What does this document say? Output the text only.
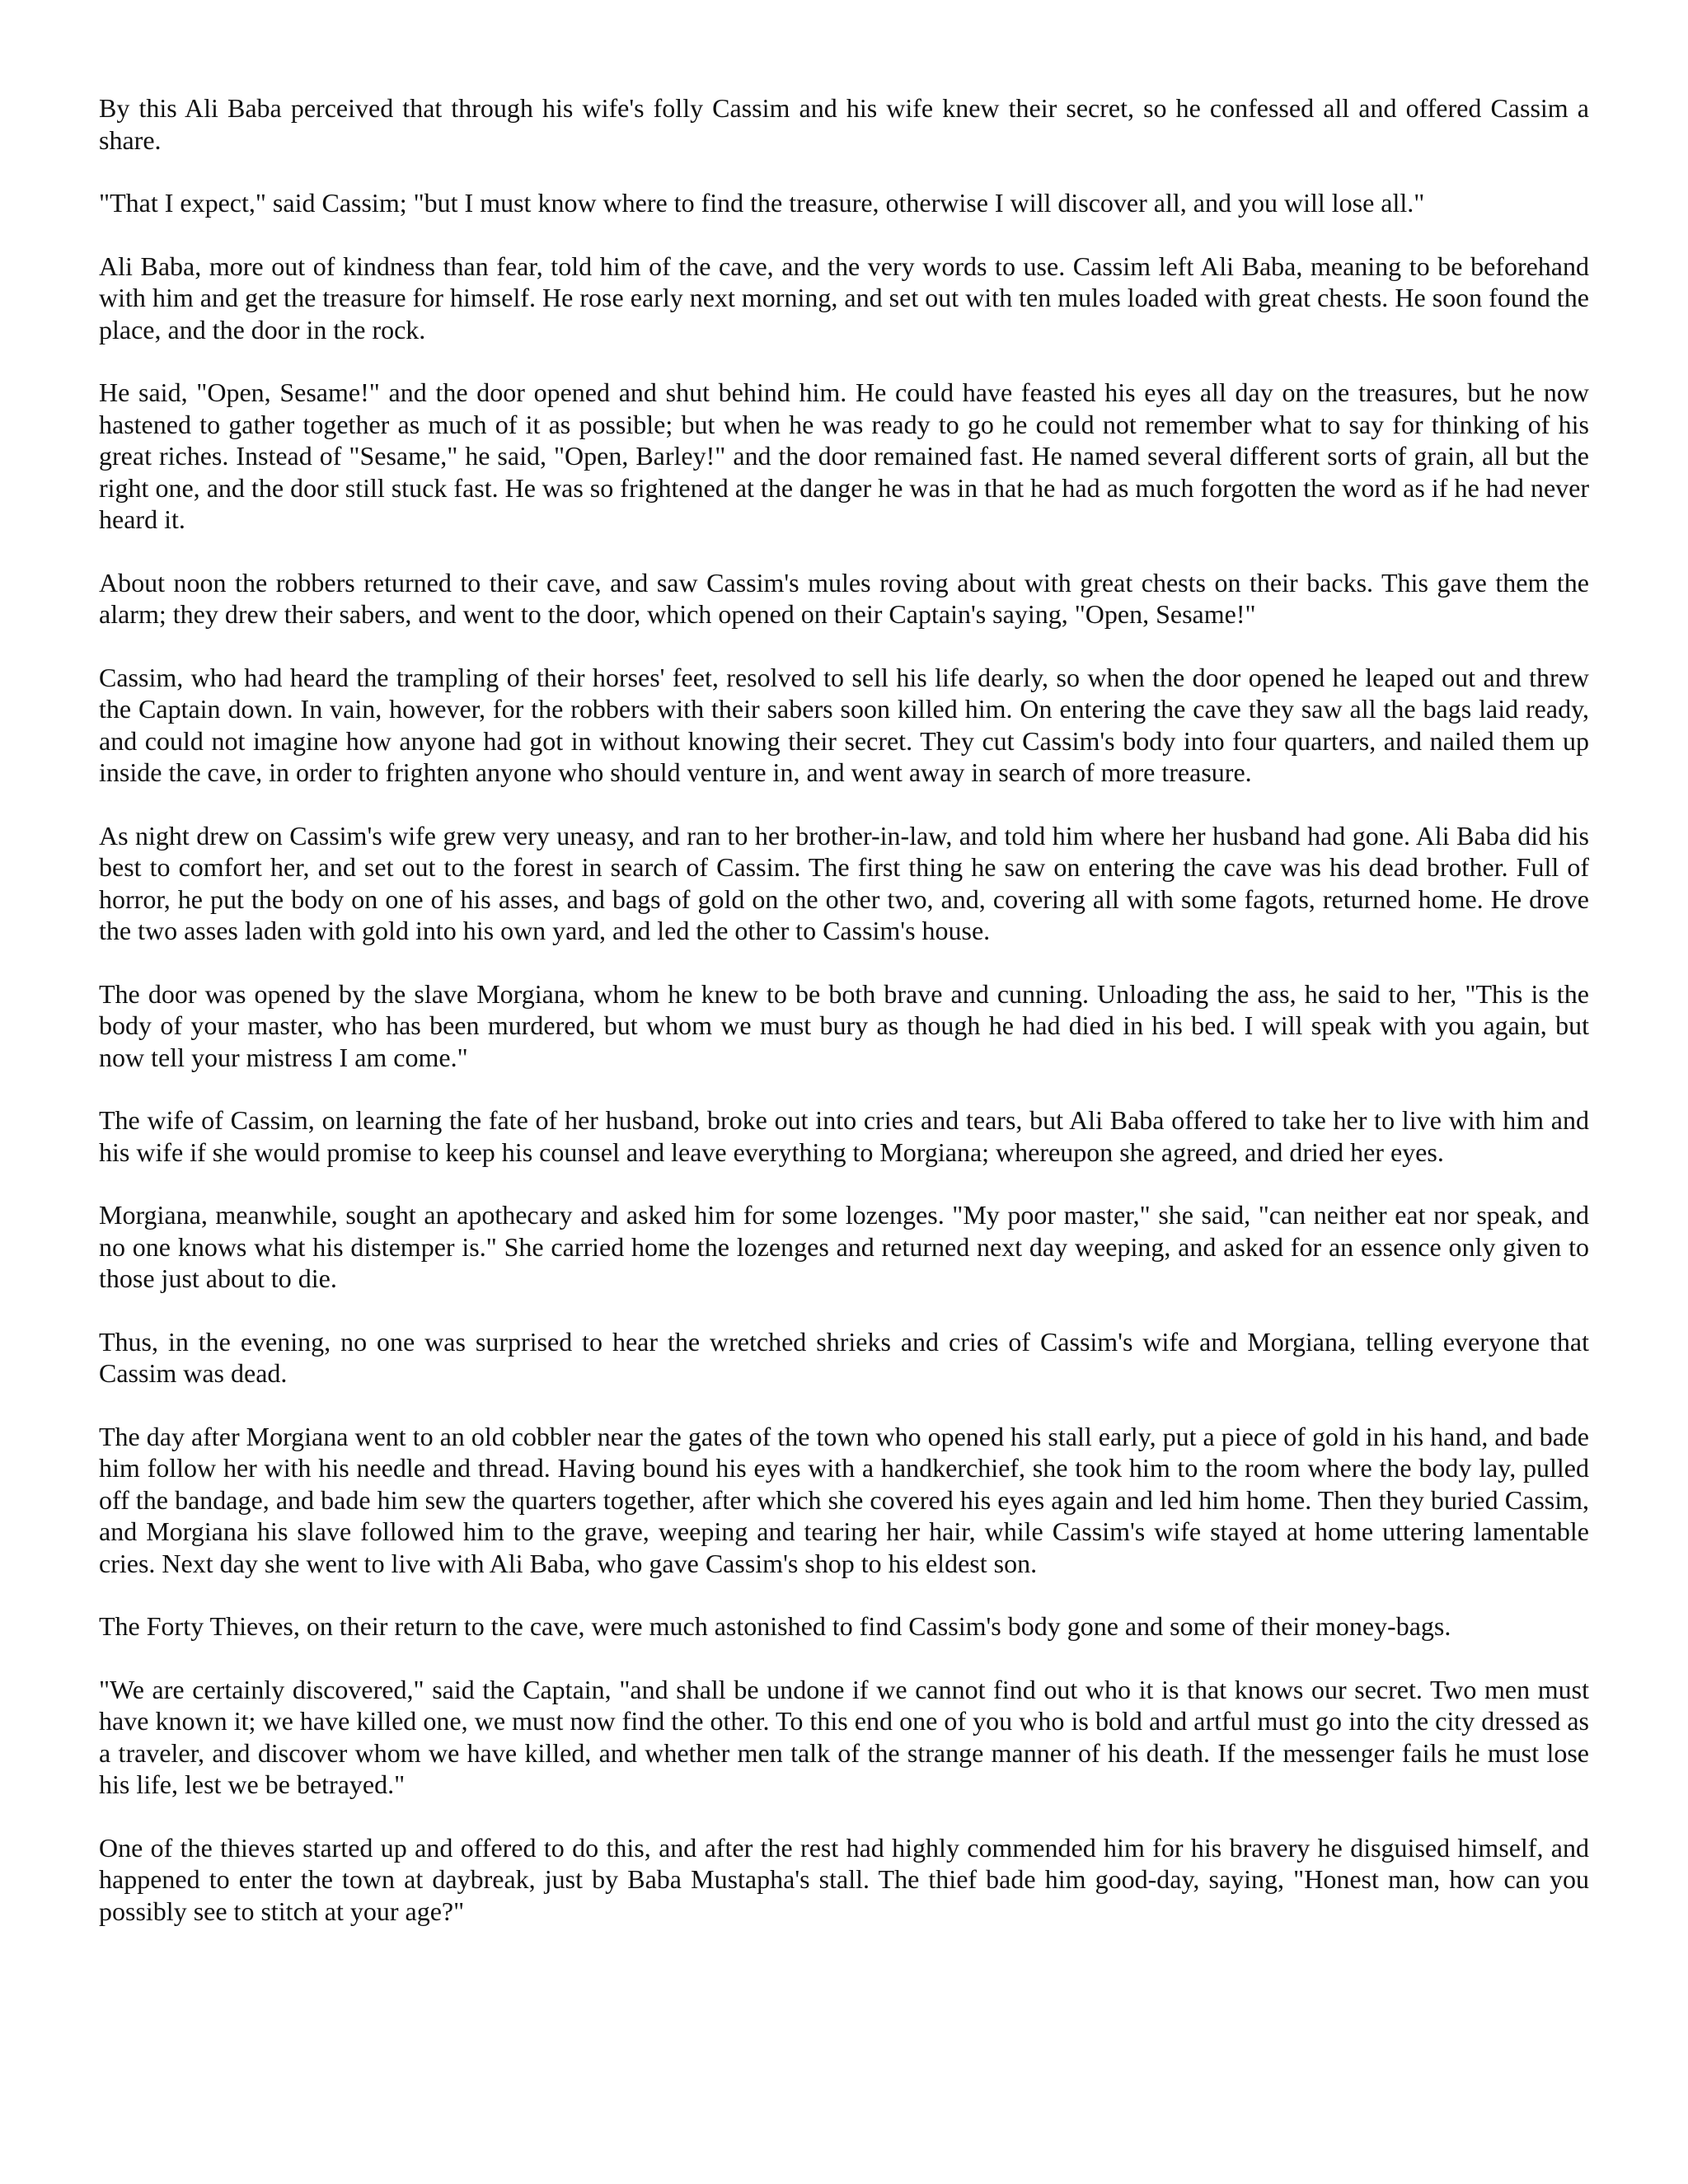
By this Ali Baba perceived that through his wife's folly Cassim and his wife knew their secret, so he confessed all and offered Cassim a share.

"That I expect," said Cassim; "but I must know where to find the treasure, otherwise I will discover all, and you will lose all."

Ali Baba, more out of kindness than fear, told him of the cave, and the very words to use. Cassim left Ali Baba, meaning to be beforehand with him and get the treasure for himself. He rose early next morning, and set out with ten mules loaded with great chests. He soon found the place, and the door in the rock.

He said, "Open, Sesame!" and the door opened and shut behind him. He could have feasted his eyes all day on the treasures, but he now hastened to gather together as much of it as possible; but when he was ready to go he could not remember what to say for thinking of his great riches. Instead of "Sesame," he said, "Open, Barley!" and the door remained fast. He named several different sorts of grain, all but the right one, and the door still stuck fast. He was so frightened at the danger he was in that he had as much forgotten the word as if he had never heard it.

About noon the robbers returned to their cave, and saw Cassim's mules roving about with great chests on their backs. This gave them the alarm; they drew their sabers, and went to the door, which opened on their Captain's saying, "Open, Sesame!"

Cassim, who had heard the trampling of their horses' feet, resolved to sell his life dearly, so when the door opened he leaped out and threw the Captain down. In vain, however, for the robbers with their sabers soon killed him. On entering the cave they saw all the bags laid ready, and could not imagine how anyone had got in without knowing their secret. They cut Cassim's body into four quarters, and nailed them up inside the cave, in order to frighten anyone who should venture in, and went away in search of more treasure.

As night drew on Cassim's wife grew very uneasy, and ran to her brother-in-law, and told him where her husband had gone. Ali Baba did his best to comfort her, and set out to the forest in search of Cassim. The first thing he saw on entering the cave was his dead brother. Full of horror, he put the body on one of his asses, and bags of gold on the other two, and, covering all with some fagots, returned home. He drove the two asses laden with gold into his own yard, and led the other to Cassim's house.

The door was opened by the slave Morgiana, whom he knew to be both brave and cunning. Unloading the ass, he said to her, "This is the body of your master, who has been murdered, but whom we must bury as though he had died in his bed. I will speak with you again, but now tell your mistress I am come."

The wife of Cassim, on learning the fate of her husband, broke out into cries and tears, but Ali Baba offered to take her to live with him and his wife if she would promise to keep his counsel and leave everything to Morgiana; whereupon she agreed, and dried her eyes.

Morgiana, meanwhile, sought an apothecary and asked him for some lozenges. "My poor master," she said, "can neither eat nor speak, and no one knows what his distemper is." She carried home the lozenges and returned next day weeping, and asked for an essence only given to those just about to die.

Thus, in the evening, no one was surprised to hear the wretched shrieks and cries of Cassim's wife and Morgiana, telling everyone that Cassim was dead.

The day after Morgiana went to an old cobbler near the gates of the town who opened his stall early, put a piece of gold in his hand, and bade him follow her with his needle and thread. Having bound his eyes with a handkerchief, she took him to the room where the body lay, pulled off the bandage, and bade him sew the quarters together, after which she covered his eyes again and led him home. Then they buried Cassim, and Morgiana his slave followed him to the grave, weeping and tearing her hair, while Cassim's wife stayed at home uttering lamentable cries. Next day she went to live with Ali Baba, who gave Cassim's shop to his eldest son.

The Forty Thieves, on their return to the cave, were much astonished to find Cassim's body gone and some of their money-bags.

"We are certainly discovered," said the Captain, "and shall be undone if we cannot find out who it is that knows our secret. Two men must have known it; we have killed one, we must now find the other. To this end one of you who is bold and artful must go into the city dressed as a traveler, and discover whom we have killed, and whether men talk of the strange manner of his death. If the messenger fails he must lose his life, lest we be betrayed."

One of the thieves started up and offered to do this, and after the rest had highly commended him for his bravery he disguised himself, and happened to enter the town at daybreak, just by Baba Mustapha's stall. The thief bade him good-day, saying, "Honest man, how can you possibly see to stitch at your age?"
